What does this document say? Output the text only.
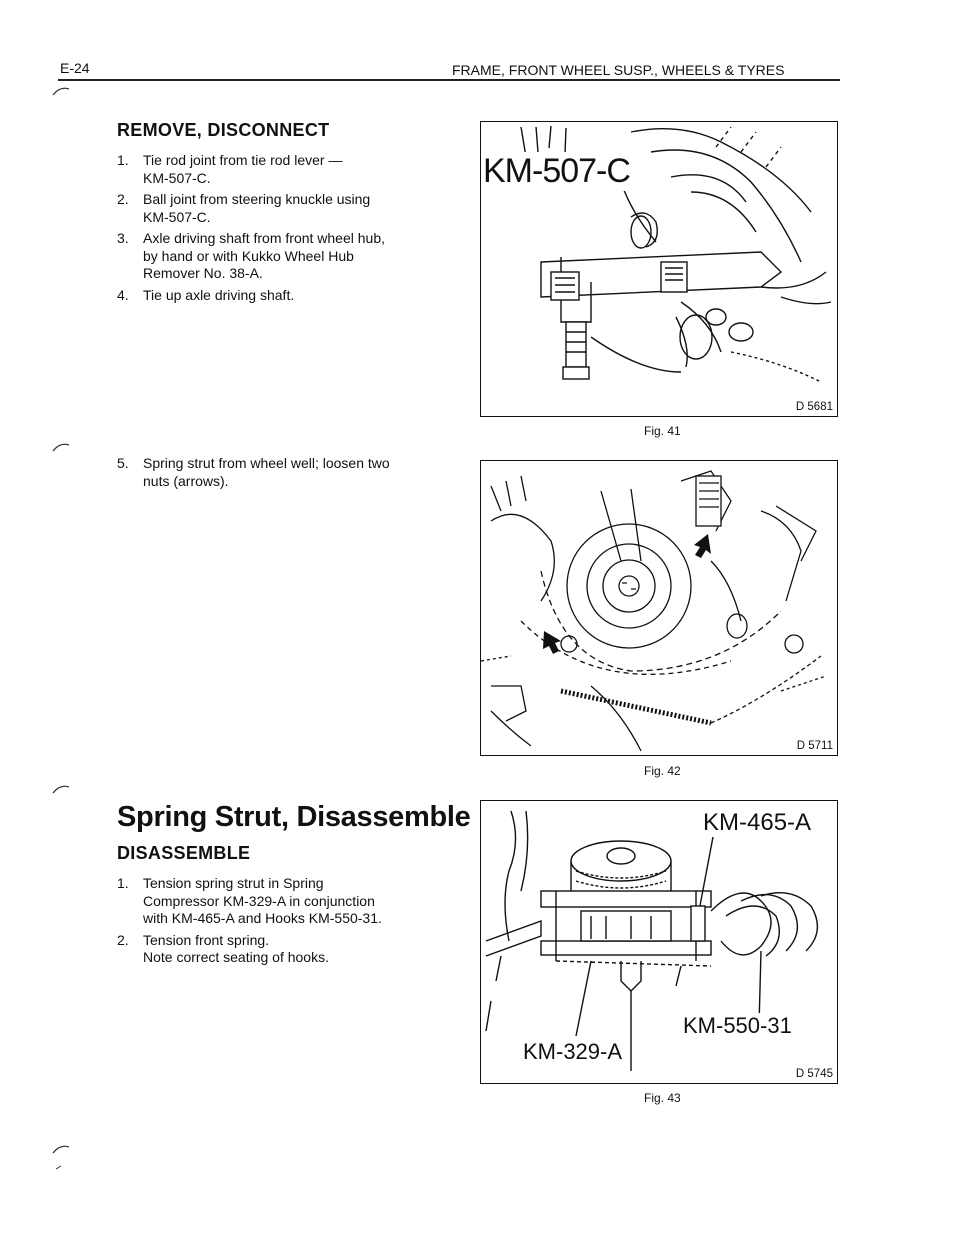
E-24	FRAME, FRONT WHEEL SUSP., WHEELS & TYRES
REMOVE, DISCONNECT
1. Tie rod joint from tie rod lever —
KM-507-C.
2. Ball joint from steering knuckle using
KM-507-C.
3. Axle driving shaft from front wheel hub,
by hand or with Kukko Wheel Hub
Remover No. 38-A.
4. Tie up axle driving shaft.
5. Spring strut from wheel well; loosen two
nuts (arrows).
Spring Strut, Disassemble
DISASSEMBLE
1. Tension spring strut in Spring
Compressor KM-329-A in conjunction
with KM-465-A and Hooks KM-550-31.
2. Tension front spring.
Note correct seating of hooks.
KM-507-C
D 5681
Fig. 41
D 5711
Fig. 42
KM-465-A
KM-329-A
KM-550-31
D 5745
Fig. 43
